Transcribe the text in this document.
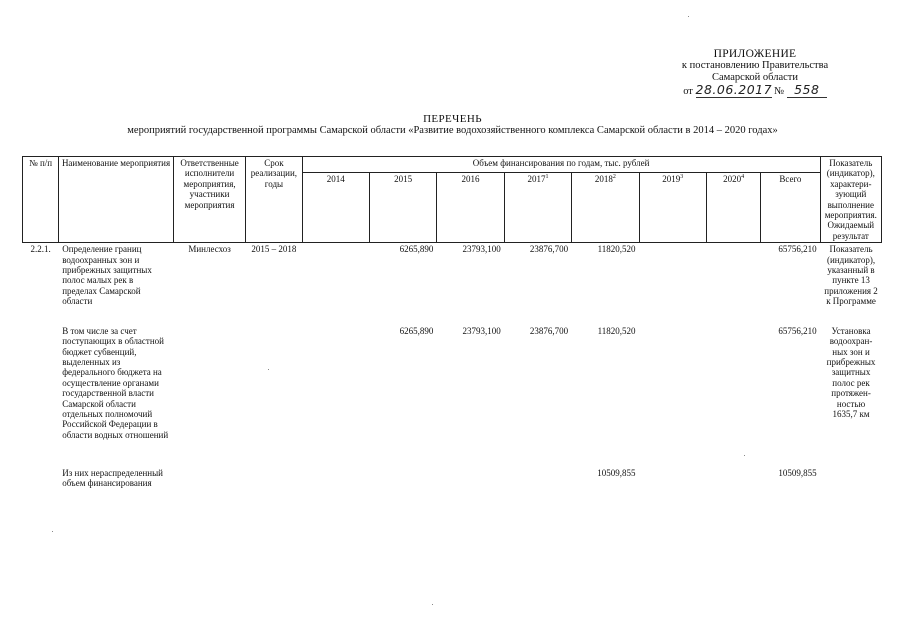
ПРИЛОЖЕНИЕ
к постановлению Правительства
Самарской области
от 28.06.2017 № 558
ПЕРЕЧЕНЬ
мероприятий государственной программы Самарской области «Развитие водохозяйственного комплекса Самарской области в 2014 – 2020 годах»
№ п/п	Наименование мероприятия	Ответственные исполнители мероприятия, участники мероприятия	Срок реализации, годы	Объем финансирования по годам, тыс. рублей								Показатель (индикатор), характеризующий выполнение мероприятия. Ожидаемый результат
				2014	2015	2016	2017$^1$	2018$^2$	2019$^3$	2020$^4$	Всего	
2.2.1.	Определение границ водоохранных зон и прибрежных защитных полос малых рек в пределах Самарской области	Минлесхоз	2015 – 2018		6265,890	23793,100	23876,700	11820,520			65756,210	Показатель (индикатор), указанный в пункте 13 приложения 2 к Программе
	В том числе за счет поступающих в областной бюджет субвенций, выделенных из федерального бюджета на осуществление органами государственной власти Самарской области отдельных полномочий Российской Федерации в области водных отношений				6265,890	23793,100	23876,700	11820,520			65756,210	Установка водоохранных зон и прибрежных защитных полос рек протяженностью 1635,7 км
	Из них нераспределенный объем финансирования							10509,855			10509,855	
